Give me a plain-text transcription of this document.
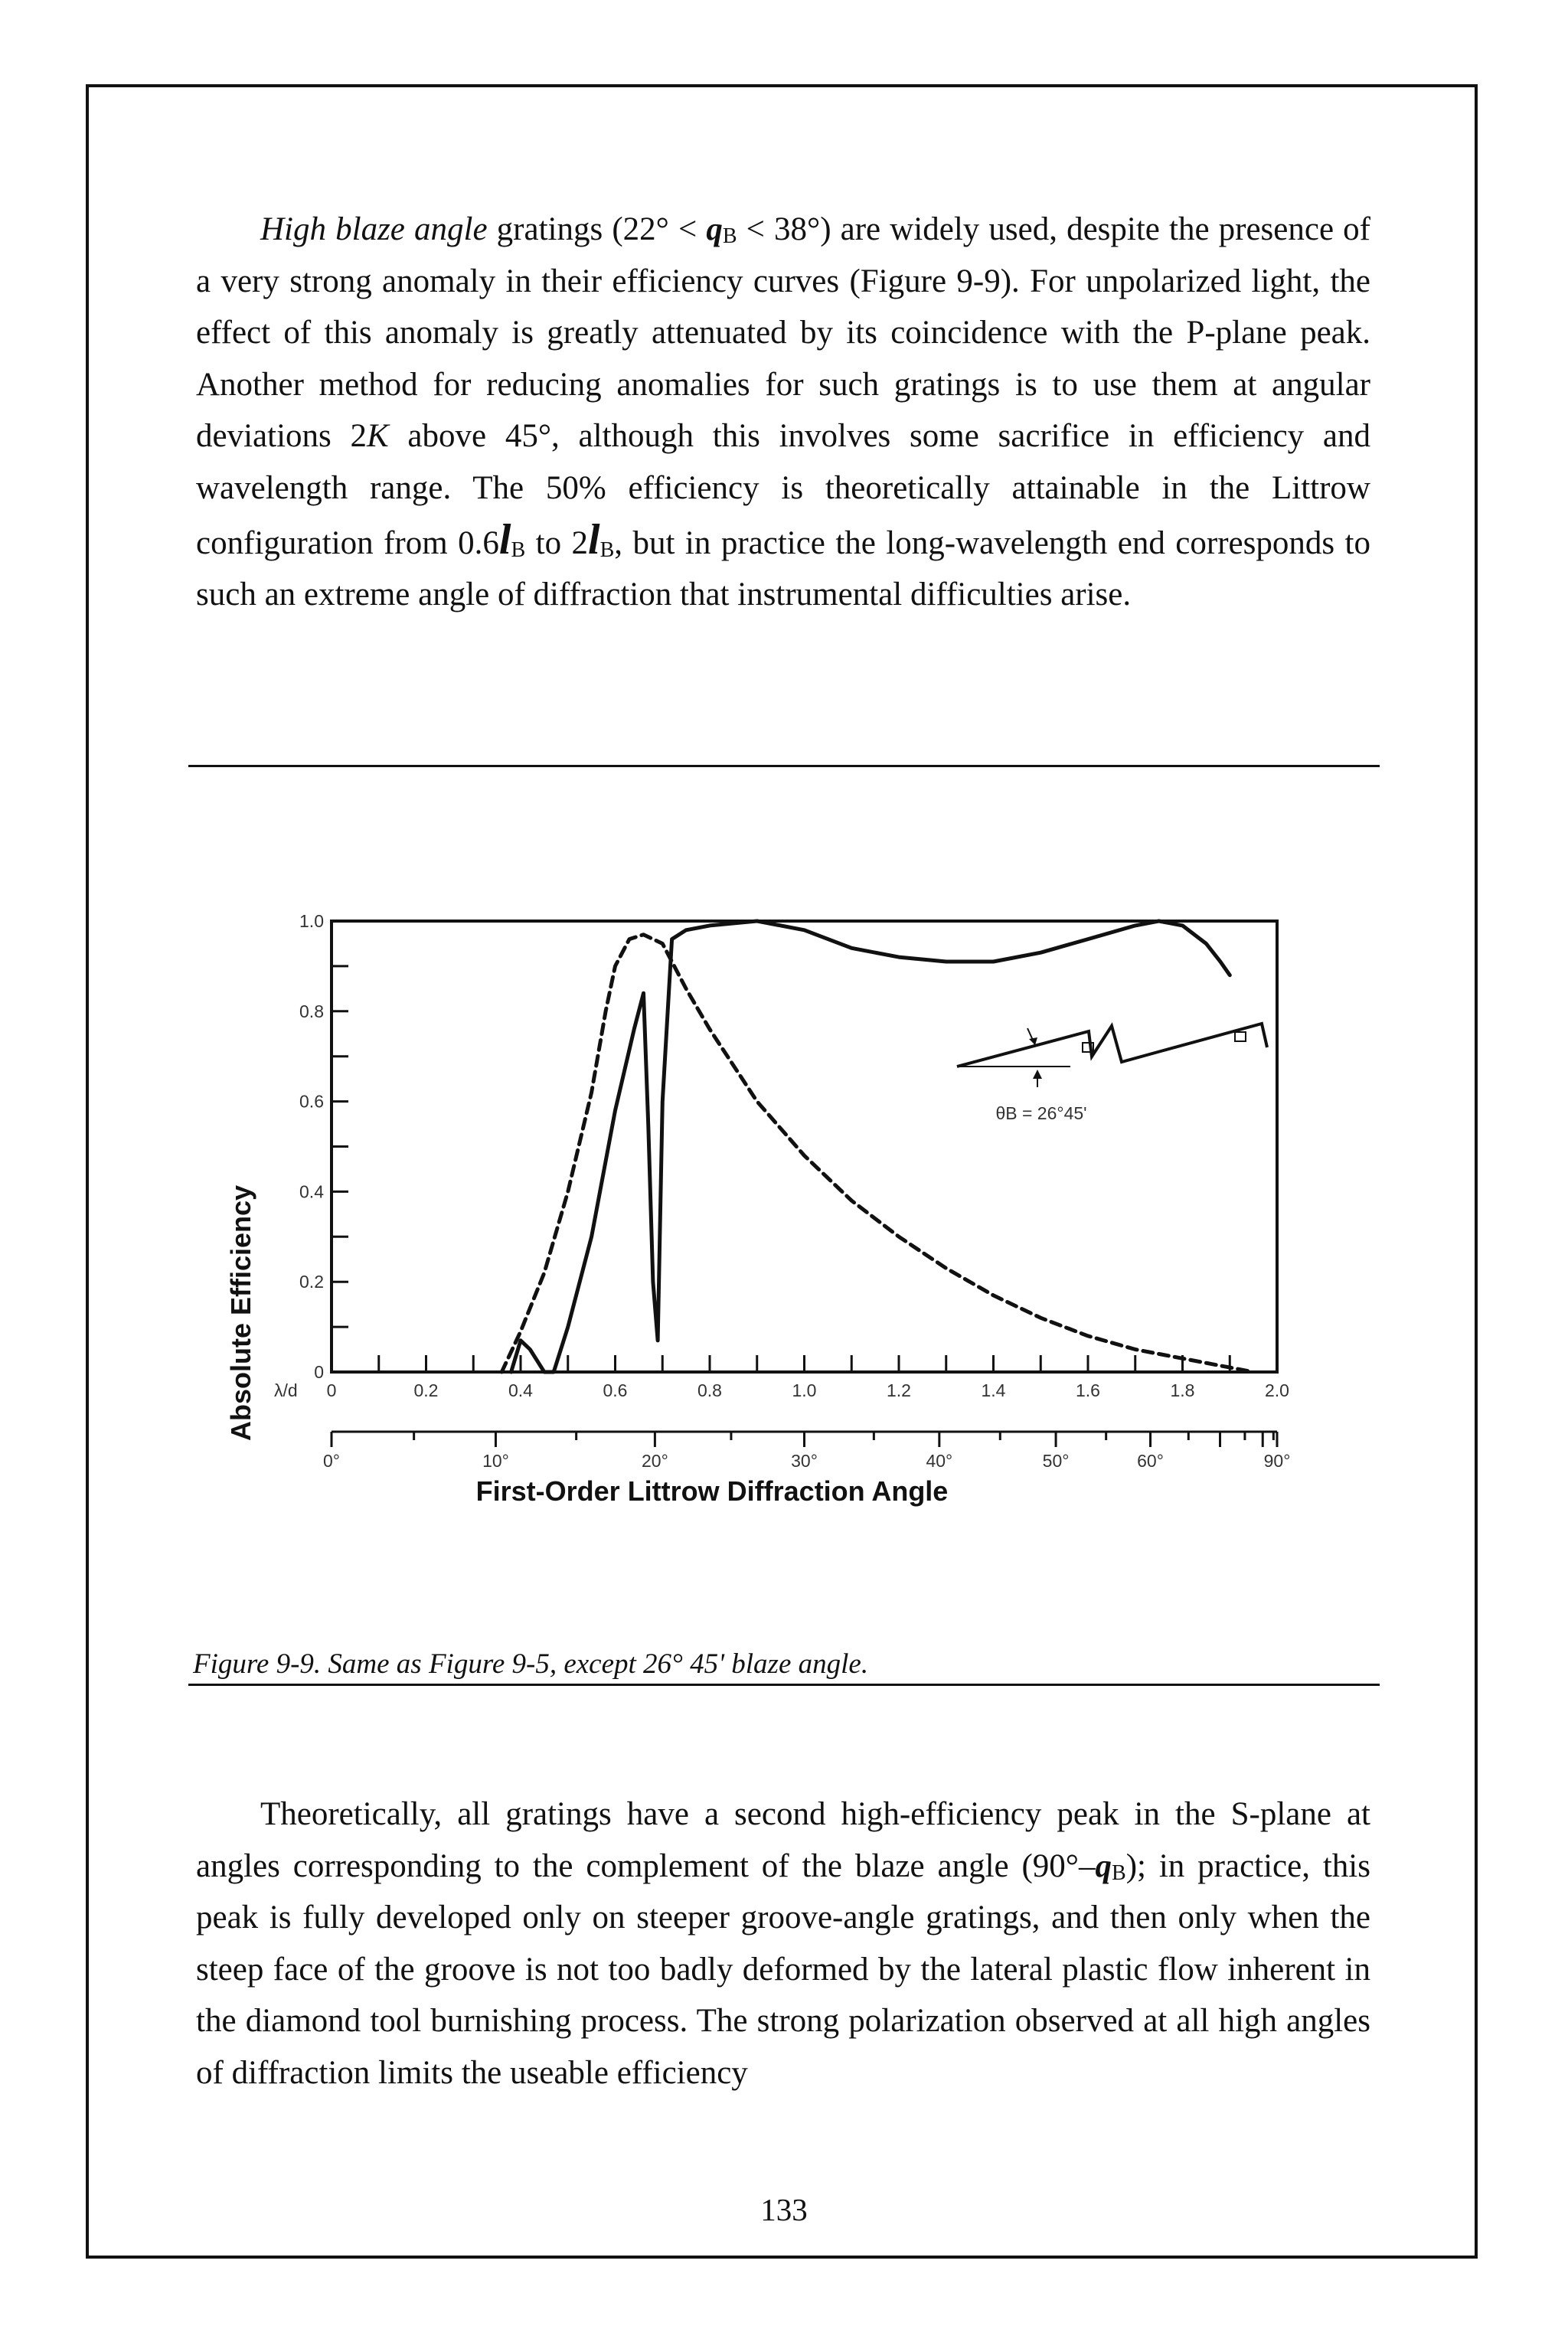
High blaze angle gratings $(22^\circ < q_B < 38^\circ)$ are widely used, despite the presence of a very strong anomaly in their efficiency curves (Figure 9-9). For unpolarized light, the effect of this anomaly is greatly attenuated by its coincidence with the P-plane peak. Another method for reducing anomalies for such gratings is to use them at angular deviations 2K above 45°, although this involves some sacrifice in efficiency and wavelength range. The 50% efficiency is theoretically attainable in the Littrow configuration from $0.6l_B$ to $2l_B$, but in practice the long-wavelength end corresponds to such an extreme angle of diffraction that instrumental difficulties arise.

0	0.2	0.4	0.6	0.8	1.0	1.2	1.4	1.6	1.8	2.0
0
0.2
0.4
0.6
0.8
1.0
0°	10°	20°	30°	40°	50°	60°	90°
Absolute Efficiency λ/d
First-Order Littrow Diffraction Angle
θB = 26°45'
Figure 9-9. Same as Figure 9-5, except 26° 45' blaze angle.

Theoretically, all gratings have a second high-efficiency peak in the S-plane at angles corresponding to the complement of the blaze angle $(90^\circ-q_B)$; in practice, this peak is fully developed only on steeper groove-angle gratings, and then only when the steep face of the groove is not too badly deformed by the lateral plastic flow inherent in the diamond tool burnishing process. The strong polarization observed at all high angles of diffraction limits the useable efficiency

133
